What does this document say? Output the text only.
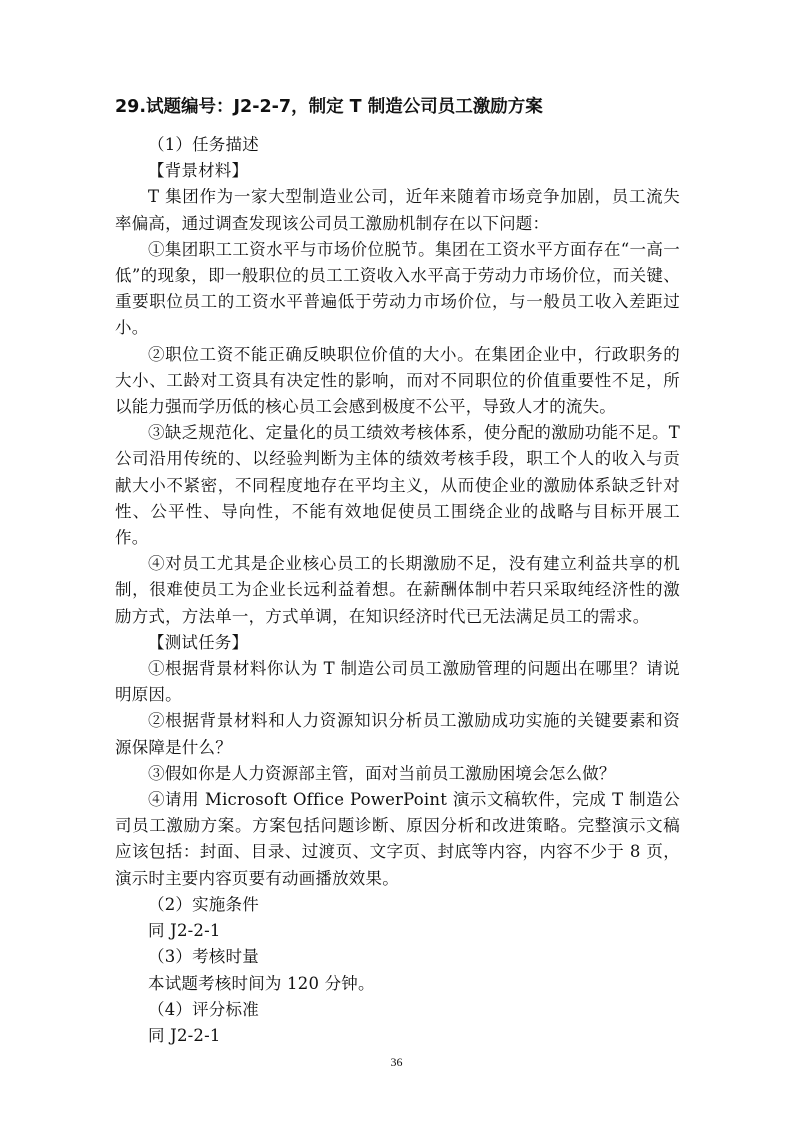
29.试题编号：J2-2-7，制定 T 制造公司员工激励方案

（1）任务描述

【背景材料】

T 集团作为一家大型制造业公司，近年来随着市场竞争加剧，员工流失率偏高，通过调查发现该公司员工激励机制存在以下问题：

①集团职工工资水平与市场价位脱节。集团在工资水平方面存在“一高一低”的现象，即一般职位的员工工资收入水平高于劳动力市场价位，而关键、重要职位员工的工资水平普遍低于劳动力市场价位，与一般员工收入差距过小。

②职位工资不能正确反映职位价值的大小。在集团企业中，行政职务的大小、工龄对工资具有决定性的影响，而对不同职位的价值重要性不足，所以能力强而学历低的核心员工会感到极度不公平，导致人才的流失。

③缺乏规范化、定量化的员工绩效考核体系，使分配的激励功能不足。T 公司沿用传统的、以经验判断为主体的绩效考核手段，职工个人的收入与贡献大小不紧密，不同程度地存在平均主义，从而使企业的激励体系缺乏针对性、公平性、导向性，不能有效地促使员工围绕企业的战略与目标开展工作。

④对员工尤其是企业核心员工的长期激励不足，没有建立利益共享的机制，很难使员工为企业长远利益着想。在薪酬体制中若只采取纯经济性的激励方式，方法单一，方式单调，在知识经济时代已无法满足员工的需求。

【测试任务】

①根据背景材料你认为 T 制造公司员工激励管理的问题出在哪里？请说明原因。

②根据背景材料和人力资源知识分析员工激励成功实施的关键要素和资源保障是什么？

③假如你是人力资源部主管，面对当前员工激励困境会怎么做？

④请用 Microsoft Office PowerPoint 演示文稿软件，完成 T 制造公司员工激励方案。方案包括问题诊断、原因分析和改进策略。完整演示文稿应该包括：封面、目录、过渡页、文字页、封底等内容，内容不少于 8 页，演示时主要内容页要有动画播放效果。

（2）实施条件

同 J2-2-1

（3）考核时量

本试题考核时间为 120 分钟。

（4）评分标准

同 J2-2-1

36
